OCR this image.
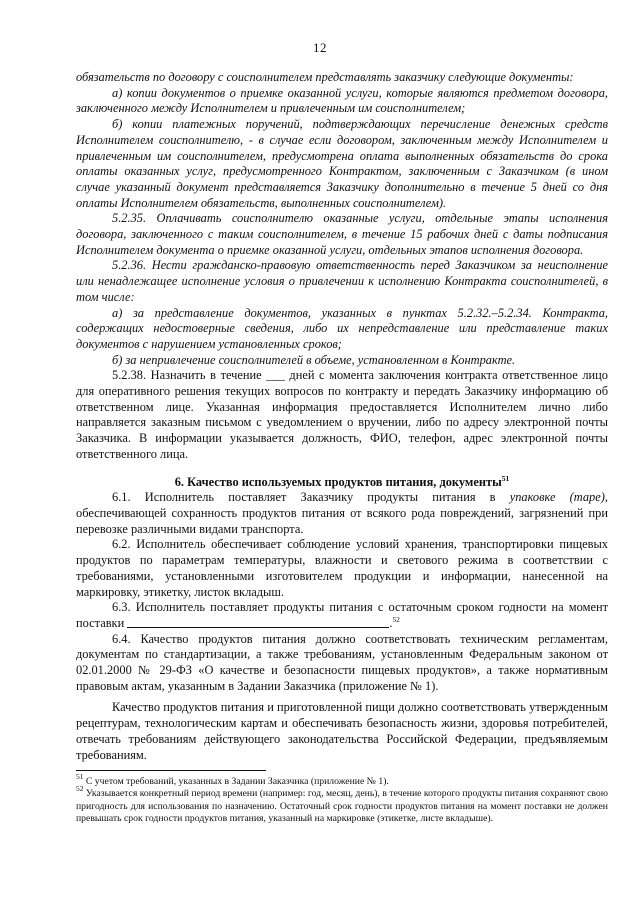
12

обязательств по договору с соисполнителем представлять заказчику следующие документы:

а) копии документов о приемке оказанной услуги, которые являются предметом договора, заключенного между Исполнителем и привлеченным им соисполнителем;

б) копии платежных поручений, подтверждающих перечисление денежных средств Исполнителем соисполнителю, - в случае если договором, заключенным между Исполнителем и привлеченным им соисполнителем, предусмотрена оплата выполненных обязательств до срока оплаты оказанных услуг, предусмотренного Контрактом, заключенным с Заказчиком (в ином случае указанный документ представляется Заказчику дополнительно в течение 5 дней со дня оплаты Исполнителем обязательств, выполненных соисполнителем).

5.2.35. Оплачивать соисполнителю оказанные услуги, отдельные этапы исполнения договора, заключенного с таким соисполнителем, в течение 15 рабочих дней с даты подписания Исполнителем документа о приемке оказанной услуги, отдельных этапов исполнения договора.

5.2.36. Нести гражданско-правовую ответственность перед Заказчиком за неисполнение или ненадлежащее исполнение условия о привлечении к исполнению Контракта соисполнителей, в том числе:

а) за представление документов, указанных в пунктах 5.2.32.–5.2.34. Контракта, содержащих недостоверные сведения, либо их непредставление или представление таких документов с нарушением установленных сроков;

б) за непривлечение соисполнителей в объеме, установленном в Контракте.

5.2.38. Назначить в течение ___ дней с момента заключения контракта ответственное лицо для оперативного решения текущих вопросов по контракту и передать Заказчику информацию об ответственном лице. Указанная информация предоставляется Исполнителем лично либо направляется заказным письмом с уведомлением о вручении, либо по адресу электронной почты Заказчика. В информации указывается должность, ФИО, телефон, адрес электронной почты ответственного лица.

6. Качество используемых продуктов питания, документы$^{51}$

6.1. Исполнитель поставляет Заказчику продукты питания в упаковке (таре), обеспечивающей сохранность продуктов питания от всякого рода повреждений, загрязнений при перевозке различными видами транспорта.

6.2. Исполнитель обеспечивает соблюдение условий хранения, транспортировки пищевых продуктов по параметрам температуры, влажности и светового режима в соответствии с требованиями, установленными изготовителем продукции и информации, нанесенной на маркировку, этикетку, листок вкладыш.

6.3. Исполнитель поставляет продукты питания с остаточным сроком годности на момент поставки	.$^{52}$

6.4. Качество продуктов питания должно соответствовать техническим регламентам, документам по стандартизации, а также требованиям, установленным Федеральным законом от 02.01.2000 № 29-ФЗ «О качестве и безопасности пищевых продуктов», а также нормативным правовым актам, указанным в Задании Заказчика (приложение № 1).

Качество продуктов питания и приготовленной пищи должно соответствовать утвержденным рецептурам, технологическим картам и обеспечивать безопасность жизни, здоровья потребителей, отвечать требованиям действующего законодательства Российской Федерации, предъявляемым требованиям.

$^{51}$ С учетом требований, указанных в Задании Заказчика (приложение № 1).

$^{52}$ Указывается конкретный период времени (например: год, месяц, день), в течение которого продукты питания сохраняют свою пригодность для использования по назначению. Остаточный срок годности продуктов питания на момент поставки не должен превышать срок годности продуктов питания, указанный на маркировке (этикетке, листе вкладыше).
